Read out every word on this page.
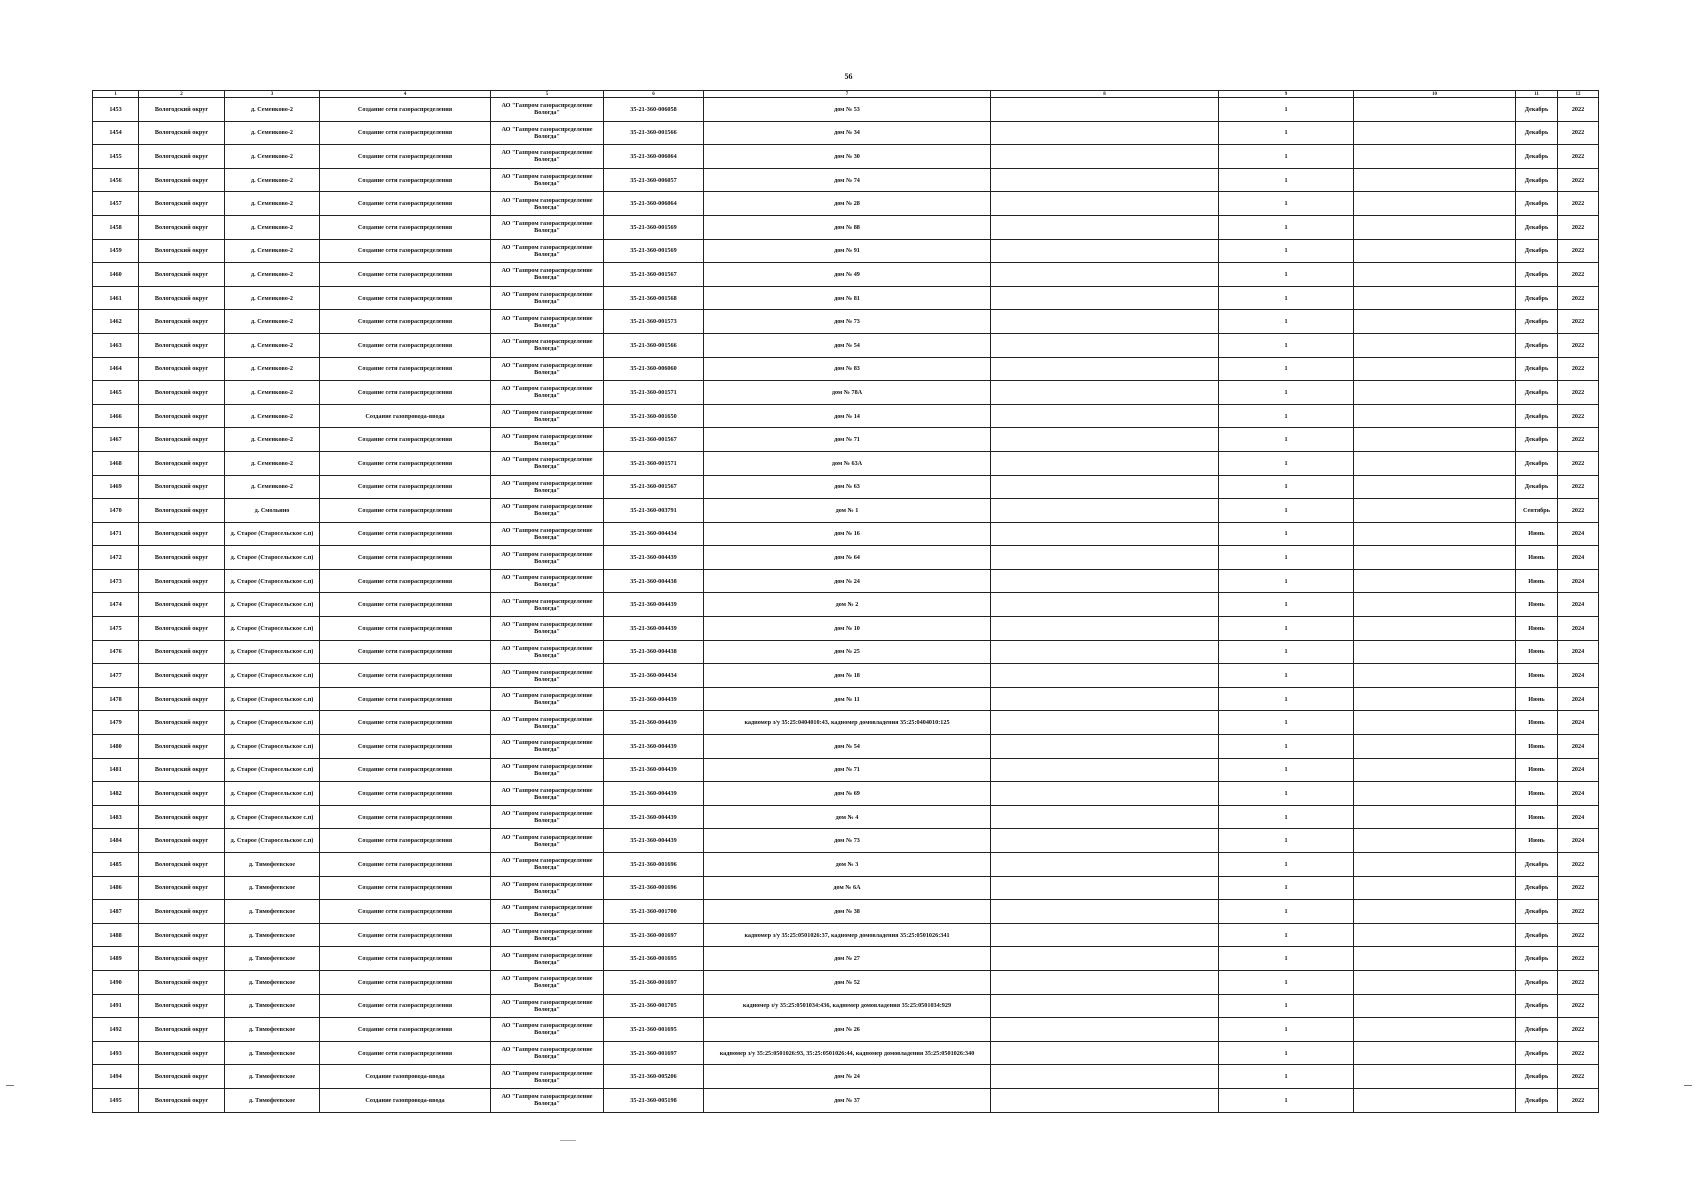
56
1	2	3	4	5	6	7	8	9	10	11	12
1453	Вологодский округ	д. Семенково-2	Создание сети газораспределения	АО "Газпром газораспределение Вологда"	35-21-360-006058	дом № 53		1		Декабрь	2022
1454	Вологодский округ	д. Семенково-2	Создание сети газораспределения	АО "Газпром газораспределение Вологда"	35-21-360-001566	дом № 34		1		Декабрь	2022
1455	Вологодский округ	д. Семенково-2	Создание сети газораспределения	АО "Газпром газораспределение Вологда"	35-21-360-006064	дом № 30		1		Декабрь	2022
1456	Вологодский округ	д. Семенково-2	Создание сети газораспределения	АО "Газпром газораспределение Вологда"	35-21-360-006057	дом № 74		1		Декабрь	2022
1457	Вологодский округ	д. Семенково-2	Создание сети газораспределения	АО "Газпром газораспределение Вологда"	35-21-360-006064	дом № 28		1		Декабрь	2022
1458	Вологодский округ	д. Семенково-2	Создание сети газораспределения	АО "Газпром газораспределение Вологда"	35-21-360-001569	дом № 88		1		Декабрь	2022
1459	Вологодский округ	д. Семенково-2	Создание сети газораспределения	АО "Газпром газораспределение Вологда"	35-21-360-001569	дом № 91		1		Декабрь	2022
1460	Вологодский округ	д. Семенково-2	Создание сети газораспределения	АО "Газпром газораспределение Вологда"	35-21-360-001567	дом № 49		1		Декабрь	2022
1461	Вологодский округ	д. Семенково-2	Создание сети газораспределения	АО "Газпром газораспределение Вологда"	35-21-360-001568	дом № 81		1		Декабрь	2022
1462	Вологодский округ	д. Семенково-2	Создание сети газораспределения	АО "Газпром газораспределение Вологда"	35-21-360-001573	дом № 73		1		Декабрь	2022
1463	Вологодский округ	д. Семенково-2	Создание сети газораспределения	АО "Газпром газораспределение Вологда"	35-21-360-001566	дом № 54		1		Декабрь	2022
1464	Вологодский округ	д. Семенково-2	Создание сети газораспределения	АО "Газпром газораспределение Вологда"	35-21-360-006060	дом № 83		1		Декабрь	2022
1465	Вологодский округ	д. Семенково-2	Создание сети газораспределения	АО "Газпром газораспределение Вологда"	35-21-360-001571	дом № 78А		1		Декабрь	2022
1466	Вологодский округ	д. Семенково-2	Создание газопровода-ввода	АО "Газпром газораспределение Вологда"	35-21-360-001650	дом № 14		1		Декабрь	2022
1467	Вологодский округ	д. Семенково-2	Создание сети газораспределения	АО "Газпром газораспределение Вологда"	35-21-360-001567	дом № 71		1		Декабрь	2022
1468	Вологодский округ	д. Семенково-2	Создание сети газораспределения	АО "Газпром газораспределение Вологда"	35-21-360-001571	дом № 63А		1		Декабрь	2022
1469	Вологодский округ	д. Семенково-2	Создание сети газораспределения	АО "Газпром газораспределение Вологда"	35-21-360-001567	дом № 63		1		Декабрь	2022
1470	Вологодский округ	д. Смольино	Создание сети газораспределения	АО "Газпром газораспределение Вологда"	35-21-360-003791	дом № 1		1		Сентябрь	2022
1471	Вологодский округ	д. Старое (Старосельское с.п)	Создание сети газораспределения	АО "Газпром газораспределение Вологда"	35-21-360-004434	дом № 16		1		Июнь	2024
1472	Вологодский округ	д. Старое (Старосельское с.п)	Создание сети газораспределения	АО "Газпром газораспределение Вологда"	35-21-360-004439	дом № 64		1		Июнь	2024
1473	Вологодский округ	д. Старое (Старосельское с.п)	Создание сети газораспределения	АО "Газпром газораспределение Вологда"	35-21-360-004438	дом № 24		1		Июнь	2024
1474	Вологодский округ	д. Старое (Старосельское с.п)	Создание сети газораспределения	АО "Газпром газораспределение Вологда"	35-21-360-004439	дом № 2		1		Июнь	2024
1475	Вологодский округ	д. Старое (Старосельское с.п)	Создание сети газораспределения	АО "Газпром газораспределение Вологда"	35-21-360-004439	дом № 10		1		Июнь	2024
1476	Вологодский округ	д. Старое (Старосельское с.п)	Создание сети газораспределения	АО "Газпром газораспределение Вологда"	35-21-360-004438	дом № 25		1		Июнь	2024
1477	Вологодский округ	д. Старое (Старосельское с.п)	Создание сети газораспределения	АО "Газпром газораспределение Вологда"	35-21-360-004434	дом № 18		1		Июнь	2024
1478	Вологодский округ	д. Старое (Старосельское с.п)	Создание сети газораспределения	АО "Газпром газораспределение Вологда"	35-21-360-004439	дом № 11		1		Июнь	2024
1479	Вологодский округ	д. Старое (Старосельское с.п)	Создание сети газораспределения	АО "Газпром газораспределение Вологда"	35-21-360-004439	кадномер з/у 35:25:0404010:43, кадномер домовладения 35:25:0404010:125		1		Июнь	2024
1480	Вологодский округ	д. Старое (Старосельское с.п)	Создание сети газораспределения	АО "Газпром газораспределение Вологда"	35-21-360-004439	дом № 54		1		Июнь	2024
1481	Вологодский округ	д. Старое (Старосельское с.п)	Создание сети газораспределения	АО "Газпром газораспределение Вологда"	35-21-360-004439	дом № 71		1		Июнь	2024
1482	Вологодский округ	д. Старое (Старосельское с.п)	Создание сети газораспределения	АО "Газпром газораспределение Вологда"	35-21-360-004439	дом № 69		1		Июнь	2024
1483	Вологодский округ	д. Старое (Старосельское с.п)	Создание сети газораспределения	АО "Газпром газораспределение Вологда"	35-21-360-004439	дом № 4		1		Июнь	2024
1484	Вологодский округ	д. Старое (Старосельское с.п)	Создание сети газораспределения	АО "Газпром газораспределение Вологда"	35-21-360-004439	дом № 73		1		Июнь	2024
1485	Вологодский округ	д. Тимофеевское	Создание сети газораспределения	АО "Газпром газораспределение Вологда"	35-21-360-001696	дом № 3		1		Декабрь	2022
1486	Вологодский округ	д. Тимофеевское	Создание сети газораспределения	АО "Газпром газораспределение Вологда"	35-21-360-001696	дом № 6А		1		Декабрь	2022
1487	Вологодский округ	д. Тимофеевское	Создание сети газораспределения	АО "Газпром газораспределение Вологда"	35-21-360-001700	дом № 38		1		Декабрь	2022
1488	Вологодский округ	д. Тимофеевское	Создание сети газораспределения	АО "Газпром газораспределение Вологда"	35-21-360-001697	кадномер з/у 35:25:0501026:37, кадномер домовладения 35:25:0501026:341		1		Декабрь	2022
1489	Вологодский округ	д. Тимофеевское	Создание сети газораспределения	АО "Газпром газораспределение Вологда"	35-21-360-001695	дом № 27		1		Декабрь	2022
1490	Вологодский округ	д. Тимофеевское	Создание сети газораспределения	АО "Газпром газораспределение Вологда"	35-21-360-001697	дом № 52		1		Декабрь	2022
1491	Вологодский округ	д. Тимофеевское	Создание сети газораспределения	АО "Газпром газораспределение Вологда"	35-21-360-001705	кадномер з/у 35:25:0501034:436, кадномер домовладения 35:25:0501034:929		1		Декабрь	2022
1492	Вологодский округ	д. Тимофеевское	Создание сети газораспределения	АО "Газпром газораспределение Вологда"	35-21-360-001695	дом № 26		1		Декабрь	2022
1493	Вологодский округ	д. Тимофеевское	Создание сети газораспределения	АО "Газпром газораспределение Вологда"	35-21-360-001697	кадномер з/у 35:25:0501026:93, 35:25:0501026:44, кадномер домовладения 35:25:0501026:340		1		Декабрь	2022
1494	Вологодский округ	д. Тимофеевское	Создание газопровода-ввода	АО "Газпром газораспределение Вологда"	35-21-360-005206	дом № 24		1		Декабрь	2022
1495	Вологодский округ	д. Тимофеевское	Создание газопровода-ввода	АО "Газпром газораспределение Вологда"	35-21-360-005198	дом № 37		1		Декабрь	2022
